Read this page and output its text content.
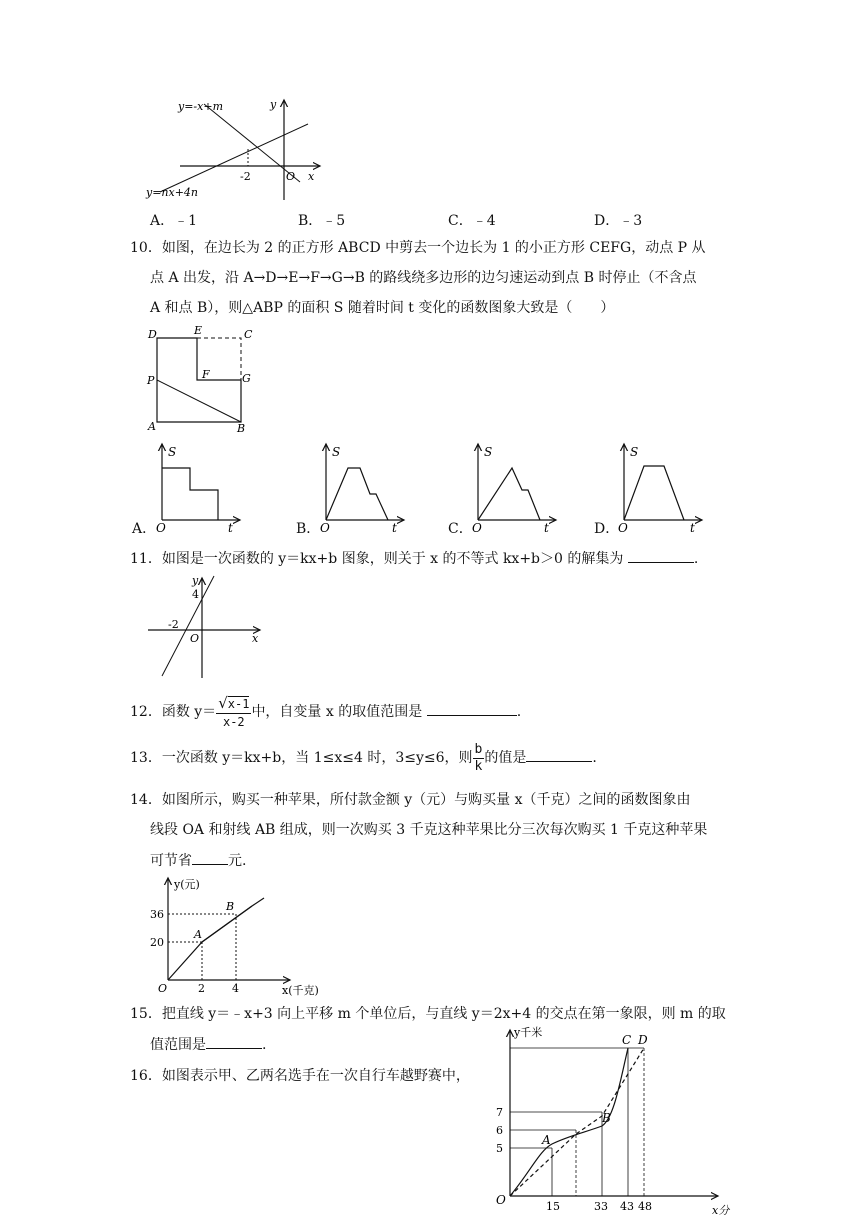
y=-x+m
y=nx+4n
y
x
O
-2
A．﹣1	B．﹣5	C．﹣4	D．﹣3
10．如图，在边长为 2 的正方形 ABCD 中剪去一个边长为 1 的小正方形 CEFG，动点 P 从
点 A 出发，沿 A→D→E→F→G→B 的路线绕多边形的边匀速运动到点 B 时停止（不含点
A 和点 B），则△ABP 的面积 S 随着时间 t 变化的函数图象大致是（　　）
D	E	C
P	F	G
A	B
A．
S
O	t	B．
S
O	t	C．
S
O	t	D．
S
O	t
11．如图是一次函数的 y＝kx+b 图象，则关于 x 的不等式 kx+b＞0 的解集为	.
y
4
-2
O	x
12．函数 $y= \frac{√x-1}{x-2}$ 中，自变量 x 的取值范围是	.
13．一次函数 y＝kx+b，当 1≤x≤4 时，3≤y≤6，则 $\frac{b}{k}$ 的值是	.
14．如图所示，购买一种苹果，所付款金额 y（元）与购买量 x（千克）之间的函数图象由
线段 OA 和射线 AB 组成，则一次购买 3 千克这种苹果比分三次每次购买 1 千克这种苹果
可节省	元.
y(元)
36
20
A
B
O	2 4	x(千克)
15．把直线 y＝﹣x+3 向上平移 m 个单位后，与直线 y＝2x+4 的交点在第一象限，则 m 的取
值范围是	.
16．如图表示甲、乙两名选手在一次自行车越野赛中，
y千米
C D
B
A
7
6
5
O	15	33 43 48	x分
